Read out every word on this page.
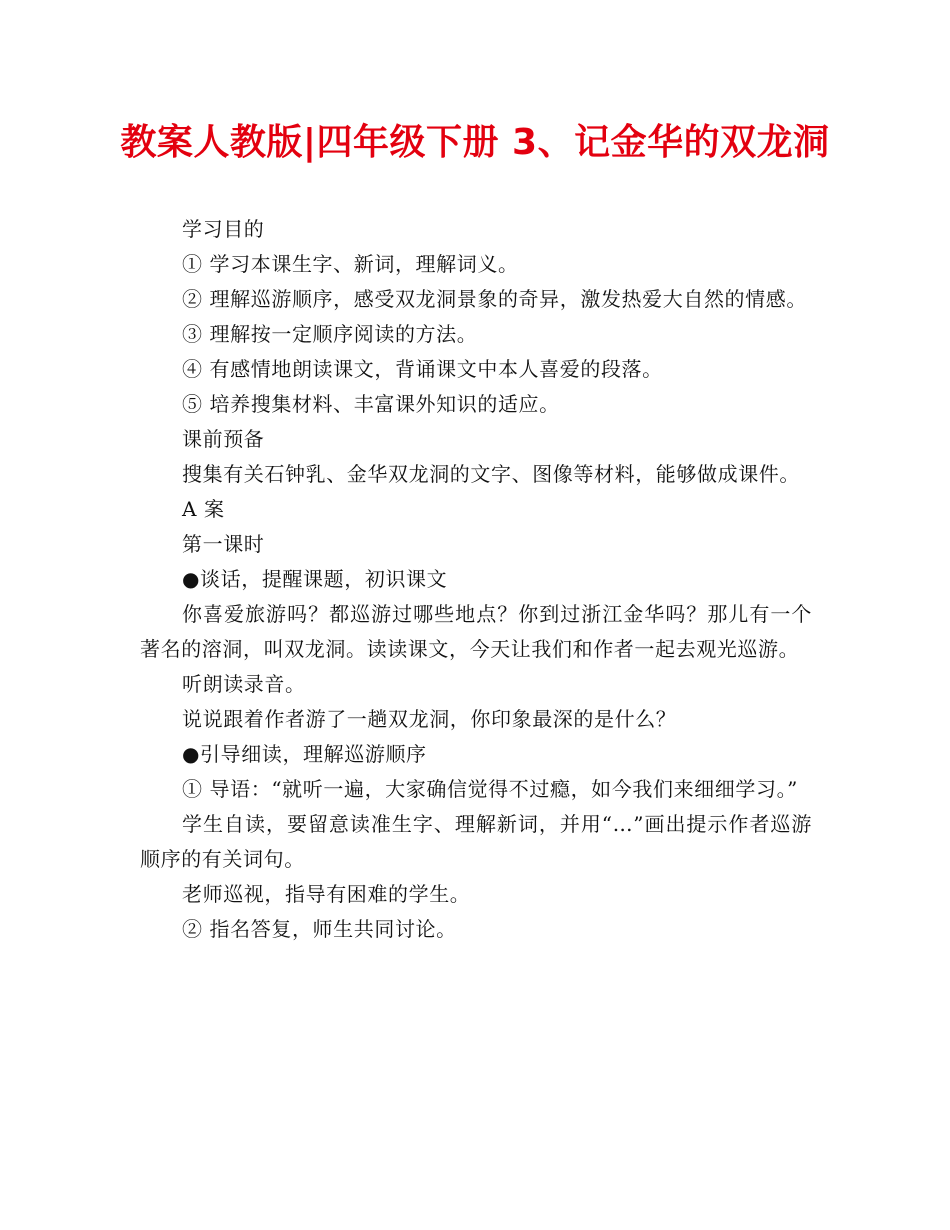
教案人教版|四年级下册 3、记金华的双龙洞

学习目的

① 学习本课生字、新词，理解词义。

② 理解巡游顺序，感受双龙洞景象的奇异，激发热爱大自然的情感。

③ 理解按一定顺序阅读的方法。

④ 有感情地朗读课文，背诵课文中本人喜爱的段落。

⑤ 培养搜集材料、丰富课外知识的适应。

课前预备

搜集有关石钟乳、金华双龙洞的文字、图像等材料，能够做成课件。

A 案

第一课时

●谈话，提醒课题，初识课文

你喜爱旅游吗？都巡游过哪些地点？你到过浙江金华吗？那儿有一个著名的溶洞，叫双龙洞。读读课文，今天让我们和作者一起去观光巡游。

听朗读录音。

说说跟着作者游了一趟双龙洞，你印象最深的是什么？

●引导细读，理解巡游顺序

① 导语：“就听一遍，大家确信觉得不过瘾，如今我们来细细学习。”

学生自读，要留意读准生字、理解新词，并用“…”画出提示作者巡游顺序的有关词句。

老师巡视，指导有困难的学生。

② 指名答复，师生共同讨论。
